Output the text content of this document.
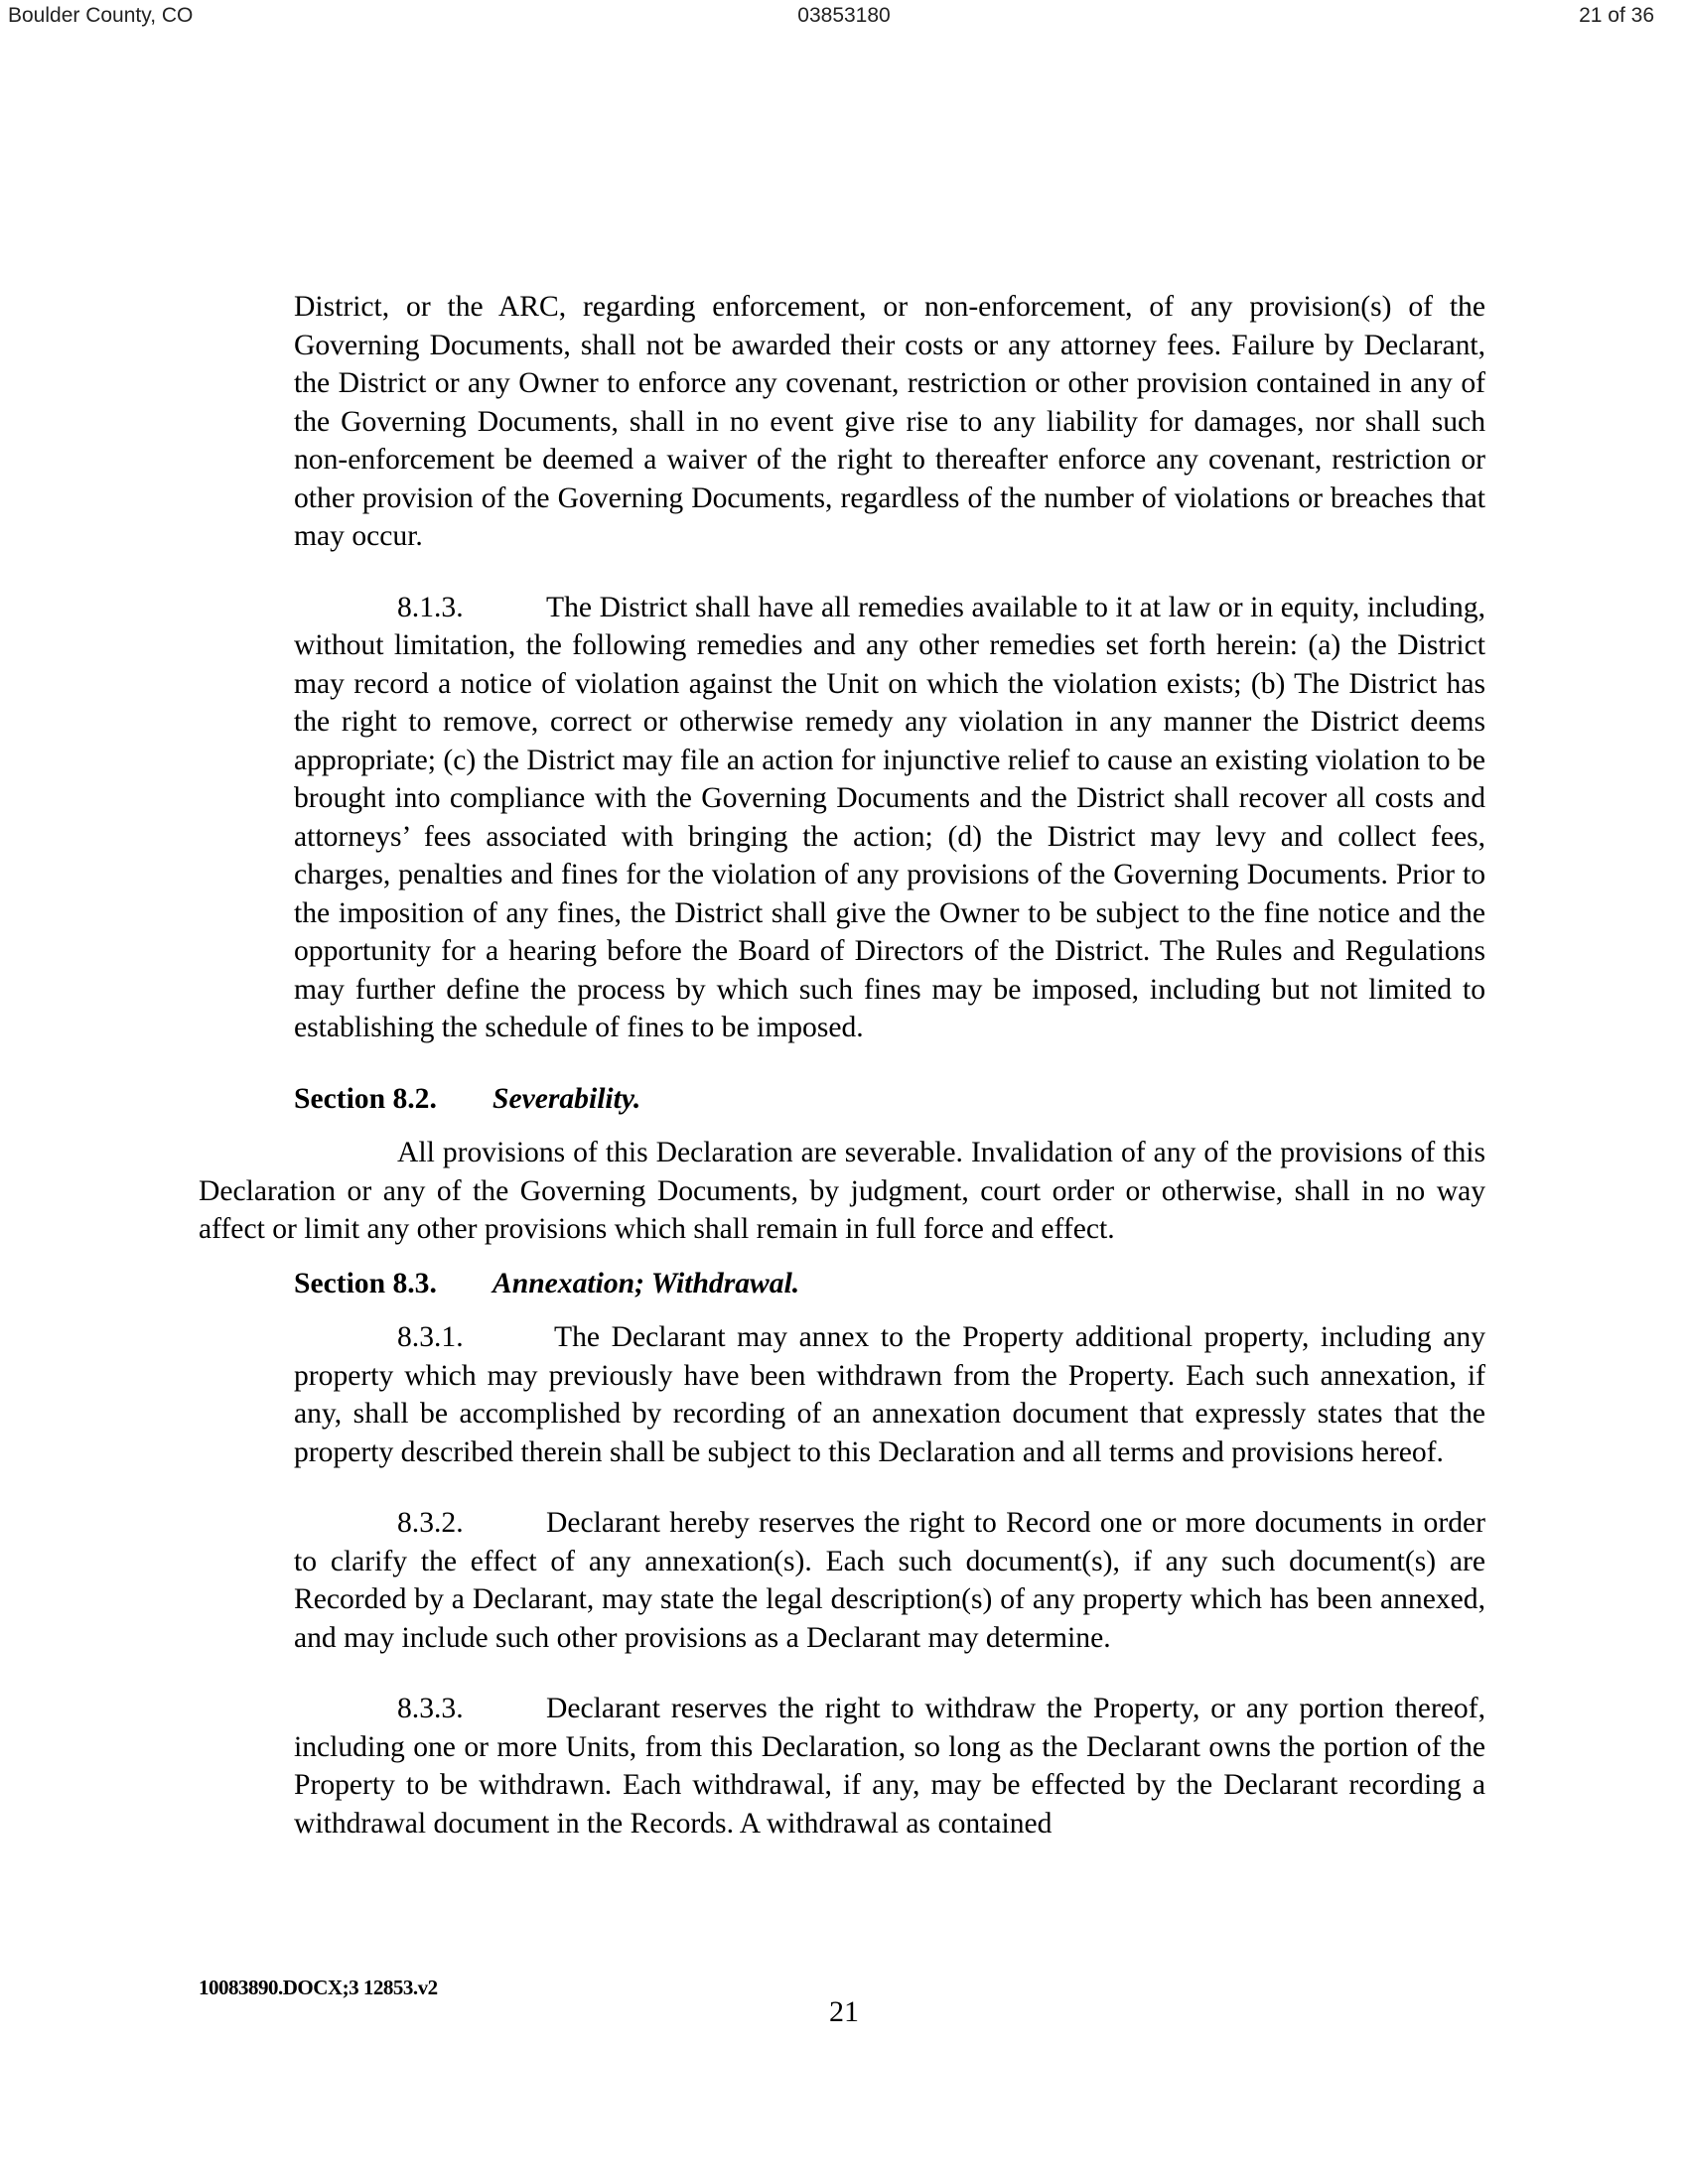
Boulder County, CO	03853180	21 of 36

District, or the ARC, regarding enforcement, or non-enforcement, of any provision(s) of the Governing Documents, shall not be awarded their costs or any attorney fees. Failure by Declarant, the District or any Owner to enforce any covenant, restriction or other provision contained in any of the Governing Documents, shall in no event give rise to any liability for damages, nor shall such non-enforcement be deemed a waiver of the right to thereafter enforce any covenant, restriction or other provision of the Governing Documents, regardless of the number of violations or breaches that may occur.

8.1.3.	The District shall have all remedies available to it at law or in equity, including, without limitation, the following remedies and any other remedies set forth herein: (a) the District may record a notice of violation against the Unit on which the violation exists; (b) The District has the right to remove, correct or otherwise remedy any violation in any manner the District deems appropriate; (c) the District may file an action for injunctive relief to cause an existing violation to be brought into compliance with the Governing Documents and the District shall recover all costs and attorneys’ fees associated with bringing the action; (d) the District may levy and collect fees, charges, penalties and fines for the violation of any provisions of the Governing Documents. Prior to the imposition of any fines, the District shall give the Owner to be subject to the fine notice and the opportunity for a hearing before the Board of Directors of the District. The Rules and Regulations may further define the process by which such fines may be imposed, including but not limited to establishing the schedule of fines to be imposed.

Section 8.2. Severability.

All provisions of this Declaration are severable. Invalidation of any of the provisions of this Declaration or any of the Governing Documents, by judgment, court order or otherwise, shall in no way affect or limit any other provisions which shall remain in full force and effect.

Section 8.3. Annexation; Withdrawal.

8.3.1.	The Declarant may annex to the Property additional property, including any property which may previously have been withdrawn from the Property. Each such annexation, if any, shall be accomplished by recording of an annexation document that expressly states that the property described therein shall be subject to this Declaration and all terms and provisions hereof.

8.3.2.	Declarant hereby reserves the right to Record one or more documents in order to clarify the effect of any annexation(s). Each such document(s), if any such document(s) are Recorded by a Declarant, may state the legal description(s) of any property which has been annexed, and may include such other provisions as a Declarant may determine.

8.3.3.	Declarant reserves the right to withdraw the Property, or any portion thereof, including one or more Units, from this Declaration, so long as the Declarant owns the portion of the Property to be withdrawn. Each withdrawal, if any, may be effected by the Declarant recording a withdrawal document in the Records. A withdrawal as contained

10083890.DOCX;3 12853.v2
21
